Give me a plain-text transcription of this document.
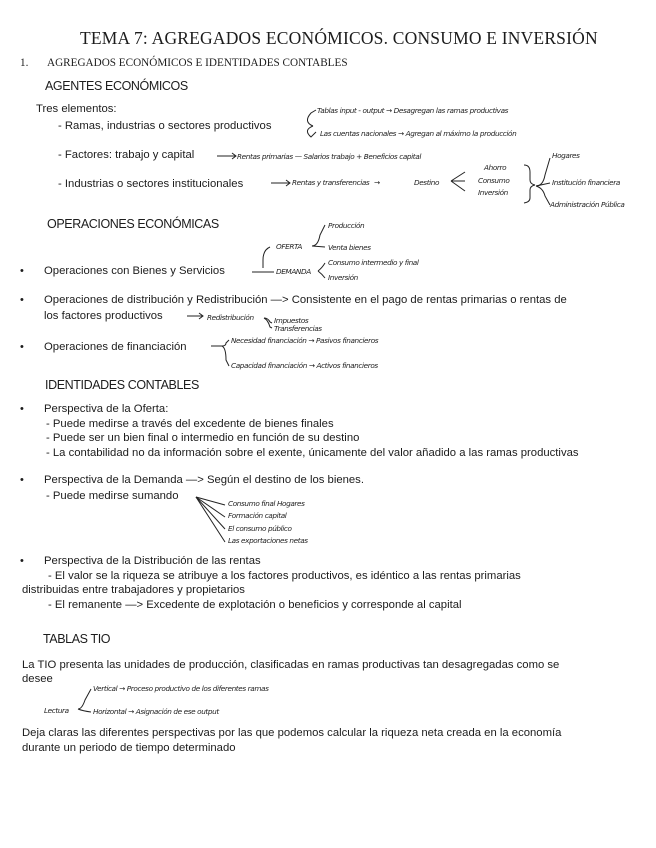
TEMA 7: AGREGADOS ECONÓMICOS. CONSUMO E INVERSIÓN
1. AGREGADOS ECONÓMICOS E IDENTIDADES CONTABLES
AGENTES ECONÓMICOS
Tres elementos:
- Ramas, industrias o sectores productivos
Tablas input - output → Desagregan las ramas productivas
Las cuentas nacionales → Agregan al máximo la producción
- Factores: trabajo y capital	Rentas primarias — Salarios trabajo + Beneficios capital
- Industrias o sectores institucionales	Rentas y transferencias →	Destino
Ahorro
Consumo
Inversión
Hogares
Institución financiera
Administración Pública
OPERACIONES ECONÓMICAS
• Operaciones con Bienes y Servicios
OFERTA
Producción
Venta bienes
DEMANDA
Consumo intermedio y final
Inversión
• Operaciones de distribución y Redistribución —> Consistente en el pago de rentas primarias o rentas de
los factores productivos	Redistribución	Impuestos
Transferencias
• Operaciones de financiación
Necesidad financiación → Pasivos financieros
Capacidad financiación → Activos financieros
IDENTIDADES CONTABLES
• Perspectiva de la Oferta:
- Puede medirse a través del excedente de bienes finales
- Puede ser un bien final o intermedio en función de su destino
- La contabilidad no da información sobre el exente, únicamente del valor añadido a las ramas productivas
• Perspectiva de la Demanda —> Según el destino de los bienes.
- Puede medirse sumando
Consumo final Hogares
Formación capital
El consumo público
Las exportaciones netas
• Perspectiva de la Distribución de las rentas
- El valor se la riqueza se atribuye a los factores productivos, es idéntico a las rentas primarias
distribuidas entre trabajadores y propietarios
- El remanente —> Excedente de explotación o beneficios y corresponde al capital
TABLAS TIO
La TIO presenta las unidades de producción, clasificadas en ramas productivas tan desagregadas como se
desee
Lectura
Vertical → Proceso productivo de los diferentes ramas
Horizontal → Asignación de ese output
Deja claras las diferentes perspectivas por las que podemos calcular la riqueza neta creada en la economía
durante un periodo de tiempo determinado
